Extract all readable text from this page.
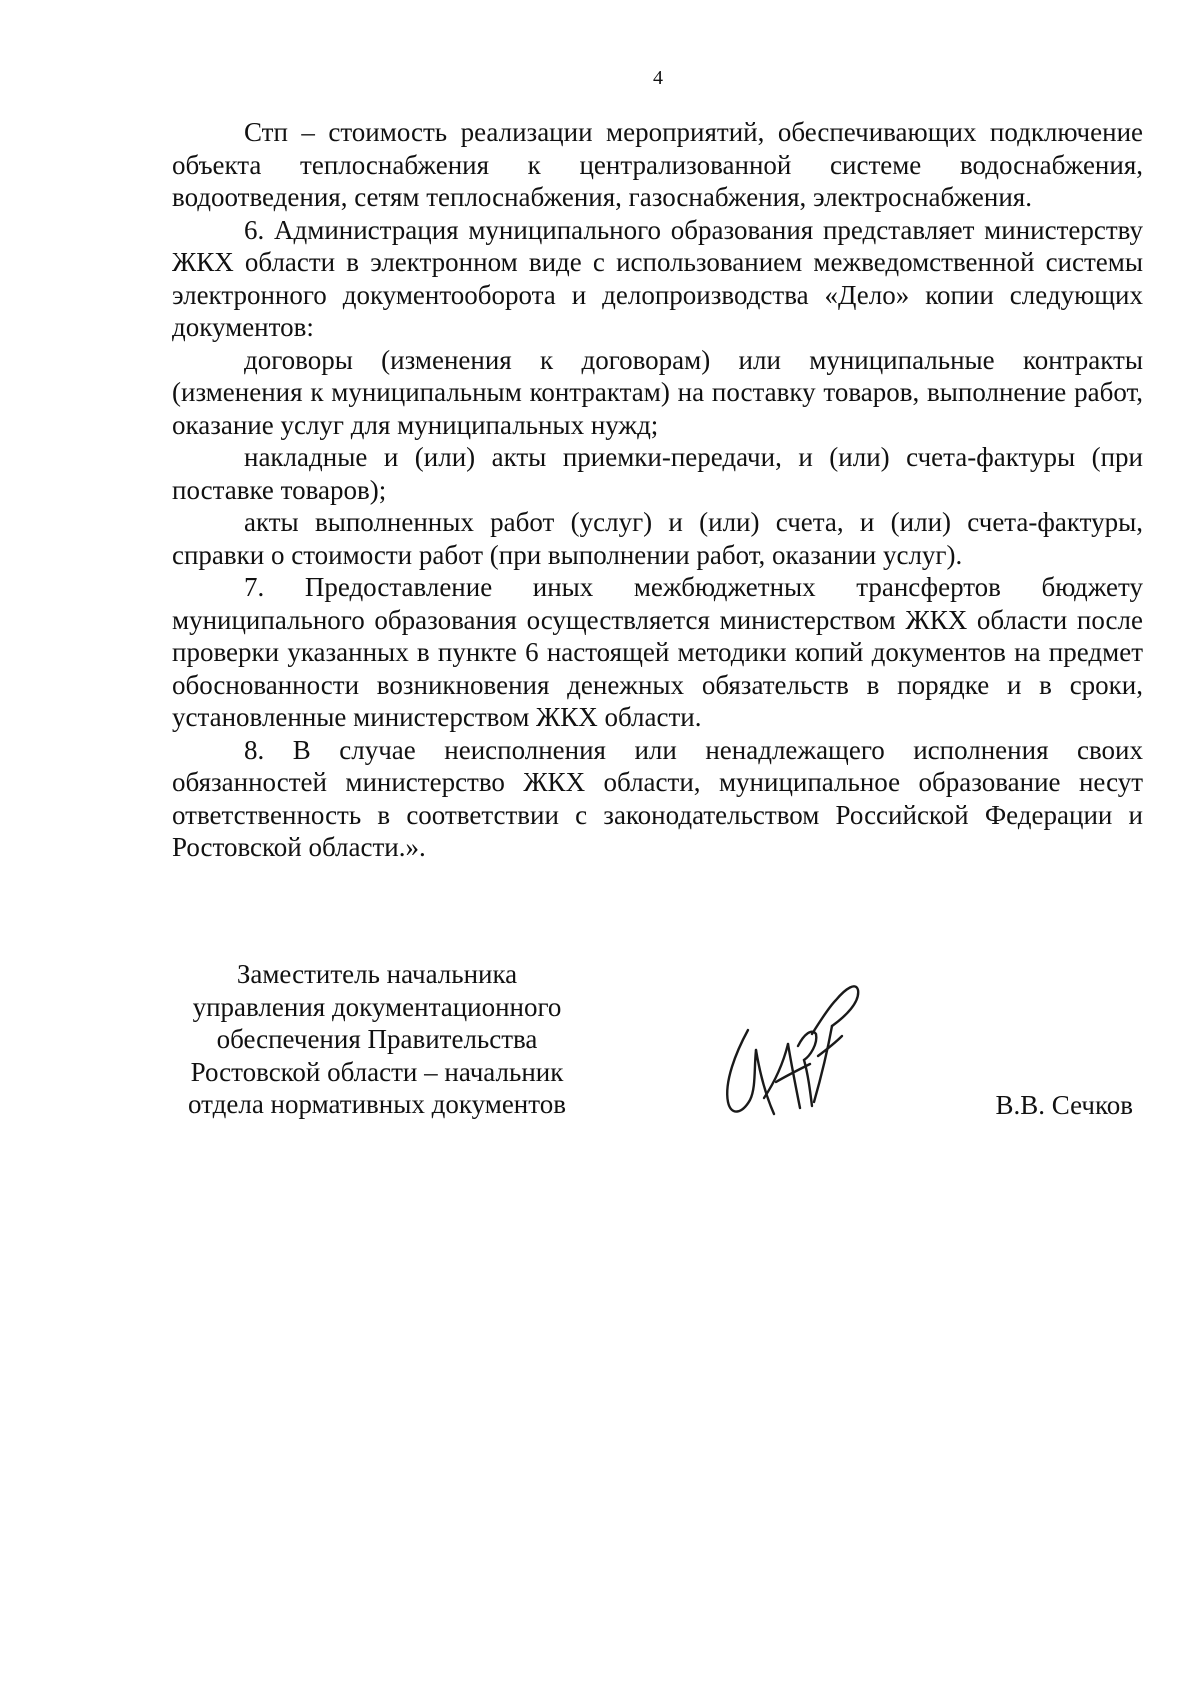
4

Стп – стоимость реализации мероприятий, обеспечивающих подключение объекта теплоснабжения к централизованной системе водоснабжения, водоотведения, сетям теплоснабжения, газоснабжения, электроснабжения.

6. Администрация муниципального образования представляет министерству ЖКХ области в электронном виде с использованием межведомственной системы электронного документооборота и делопроизводства «Дело» копии следующих документов:

договоры (изменения к договорам) или муниципальные контракты (изменения к муниципальным контрактам) на поставку товаров, выполнение работ, оказание услуг для муниципальных нужд;

накладные и (или) акты приемки-передачи, и (или) счета-фактуры (при поставке товаров);

акты выполненных работ (услуг) и (или) счета, и (или) счета-фактуры, справки о стоимости работ (при выполнении работ, оказании услуг).

7. Предоставление иных межбюджетных трансфертов бюджету муниципального образования осуществляется министерством ЖКХ области после проверки указанных в пункте 6 настоящей методики копий документов на предмет обоснованности возникновения денежных обязательств в порядке и в сроки, установленные министерством ЖКХ области.

8. В случае неисполнения или ненадлежащего исполнения своих обязанностей министерство ЖКХ области, муниципальное образование несут ответственность в соответствии с законодательством Российской Федерации и Ростовской области.».

Заместитель начальника
управления документационного
обеспечения Правительства
Ростовской области – начальник
отдела нормативных документов	В.В. Сечков
